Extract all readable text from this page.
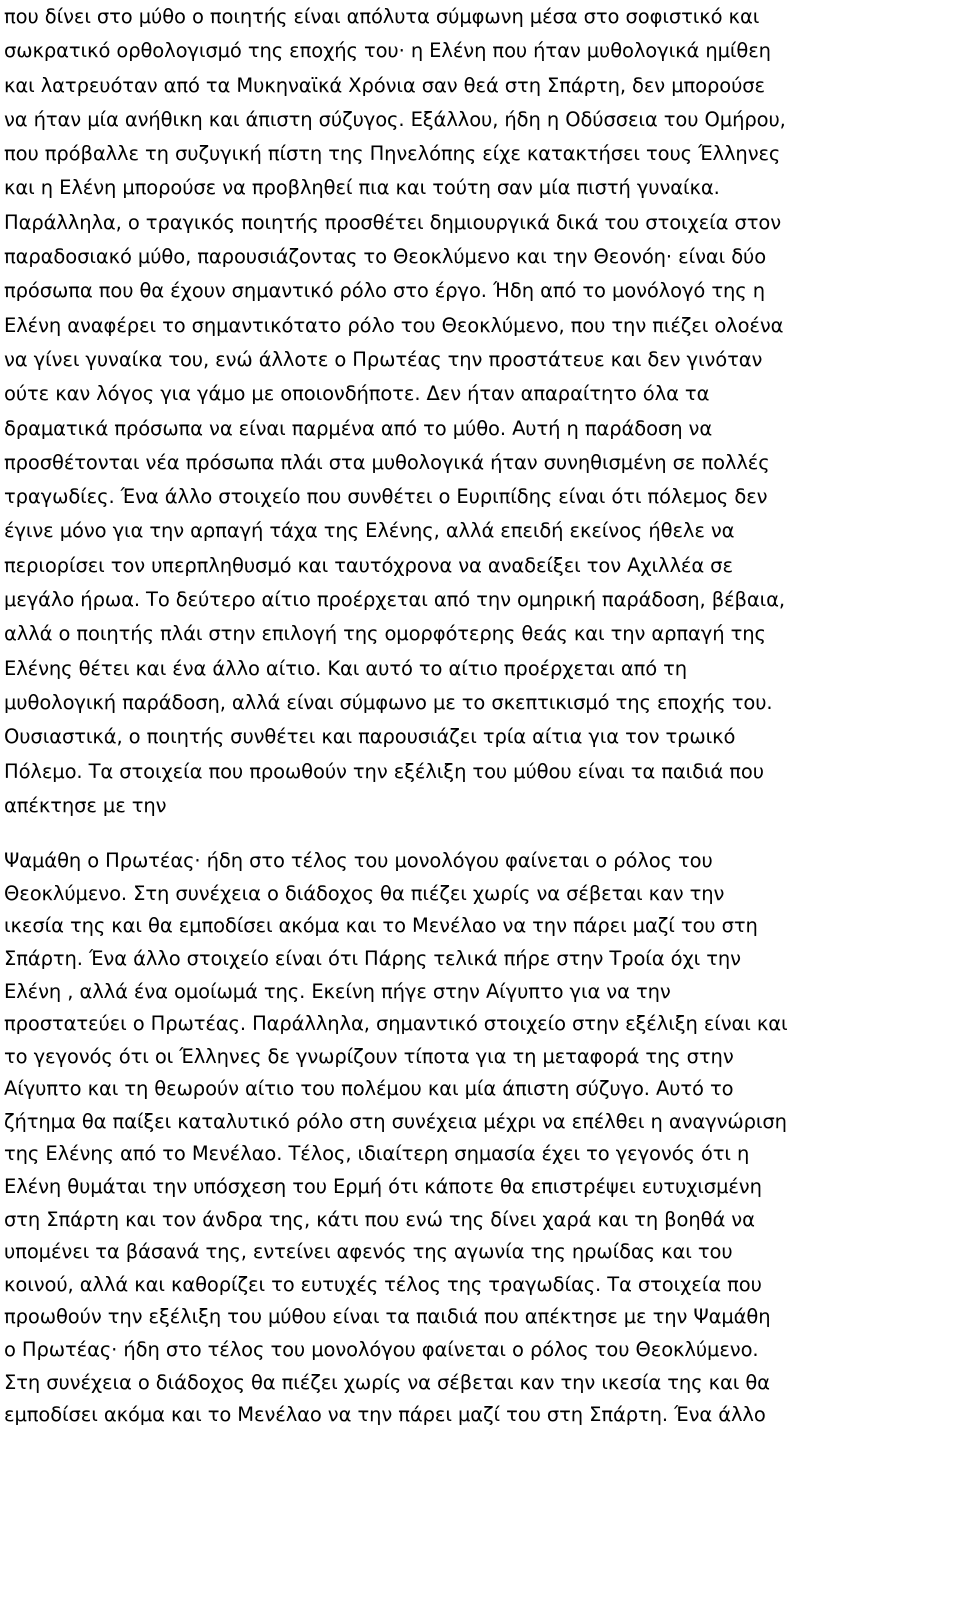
που δίνει στο μύθο ο ποιητής είναι απόλυτα σύμφωνη μέσα στο σοφιστικό και
σωκρατικό ορθολογισμό της εποχής του· η Ελένη που ήταν μυθολογικά ημίθεη
και λατρευόταν από τα Μυκηναϊκά Χρόνια σαν θεά στη Σπάρτη, δεν μπορούσε
να ήταν μία ανήθικη και άπιστη σύζυγος. Εξάλλου, ήδη η Οδύσσεια του Ομήρου,
που πρόβαλλε τη συζυγική πίστη της Πηνελόπης είχε κατακτήσει τους Έλληνες
και η Ελένη μπορούσε να προβληθεί πια και τούτη σαν μία πιστή γυναίκα.
Παράλληλα, ο τραγικός ποιητής προσθέτει δημιουργικά δικά του στοιχεία στον
παραδοσιακό μύθο, παρουσιάζοντας το Θεοκλύμενο και την Θεονόη· είναι δύο
πρόσωπα που θα έχουν σημαντικό ρόλο στο έργο. Ήδη από το μονόλογό της η
Ελένη αναφέρει το σημαντικότατο ρόλο του Θεοκλύμενο, που την πιέζει ολοένα
να γίνει γυναίκα του, ενώ άλλοτε ο Πρωτέας την προστάτευε και δεν γινόταν
ούτε καν λόγος για γάμο με οποιονδήποτε. Δεν ήταν απαραίτητο όλα τα
δραματικά πρόσωπα να είναι παρμένα από το μύθο. Αυτή η παράδοση να
προσθέτονται νέα πρόσωπα πλάι στα μυθολογικά ήταν συνηθισμένη σε πολλές
τραγωδίες. Ένα άλλο στοιχείο που συνθέτει ο Ευριπίδης είναι ότι πόλεμος δεν
έγινε μόνο για την αρπαγή τάχα της Ελένης, αλλά επειδή εκείνος ήθελε να
περιορίσει τον υπερπληθυσμό και ταυτόχρονα να αναδείξει τον Αχιλλέα σε
μεγάλο ήρωα. Το δεύτερο αίτιο προέρχεται από την ομηρική παράδοση, βέβαια,
αλλά ο ποιητής πλάι στην επιλογή της ομορφότερης θεάς και την αρπαγή της
Ελένης θέτει και ένα άλλο αίτιο. Και αυτό το αίτιο προέρχεται από τη
μυθολογική παράδοση, αλλά είναι σύμφωνο με το σκεπτικισμό της εποχής του.
Ουσιαστικά, ο ποιητής συνθέτει και παρουσιάζει τρία αίτια για τον τρωικό
Πόλεμο. Τα στοιχεία που προωθούν την εξέλιξη του μύθου είναι τα παιδιά που
απέκτησε με την
Ψαμάθη ο Πρωτέας· ήδη στο τέλος του μονολόγου φαίνεται ο ρόλος του
Θεοκλύμενο. Στη συνέχεια ο διάδοχος θα πιέζει χωρίς να σέβεται καν την
ικεσία της και θα εμποδίσει ακόμα και το Μενέλαο να την πάρει μαζί του στη
Σπάρτη. Ένα άλλο στοιχείο είναι ότι Πάρης τελικά πήρε στην Τροία όχι την
Ελένη , αλλά ένα ομοίωμά της. Εκείνη πήγε στην Αίγυπτο για να την
προστατεύει ο Πρωτέας. Παράλληλα, σημαντικό στοιχείο στην εξέλιξη είναι και
το γεγονός ότι οι Έλληνες δε γνωρίζουν τίποτα για τη μεταφορά της στην
Αίγυπτο και τη θεωρούν αίτιο του πολέμου και μία άπιστη σύζυγο. Αυτό το
ζήτημα θα παίξει καταλυτικό ρόλο στη συνέχεια μέχρι να επέλθει η αναγνώριση
της Ελένης από το Μενέλαο. Τέλος, ιδιαίτερη σημασία έχει το γεγονός ότι η
Ελένη θυμάται την υπόσχεση του Ερμή ότι κάποτε θα επιστρέψει ευτυχισμένη
στη Σπάρτη και τον άνδρα της, κάτι που ενώ της δίνει χαρά και τη βοηθά να
υπομένει τα βάσανά της, εντείνει αφενός της αγωνία της ηρωίδας και του
κοινού, αλλά και καθορίζει το ευτυχές τέλος της τραγωδίας. Τα στοιχεία που
προωθούν την εξέλιξη του μύθου είναι τα παιδιά που απέκτησε με την Ψαμάθη
ο Πρωτέας· ήδη στο τέλος του μονολόγου φαίνεται ο ρόλος του Θεοκλύμενο.
Στη συνέχεια ο διάδοχος θα πιέζει χωρίς να σέβεται καν την ικεσία της και θα
εμποδίσει ακόμα και το Μενέλαο να την πάρει μαζί του στη Σπάρτη. Ένα άλλο
